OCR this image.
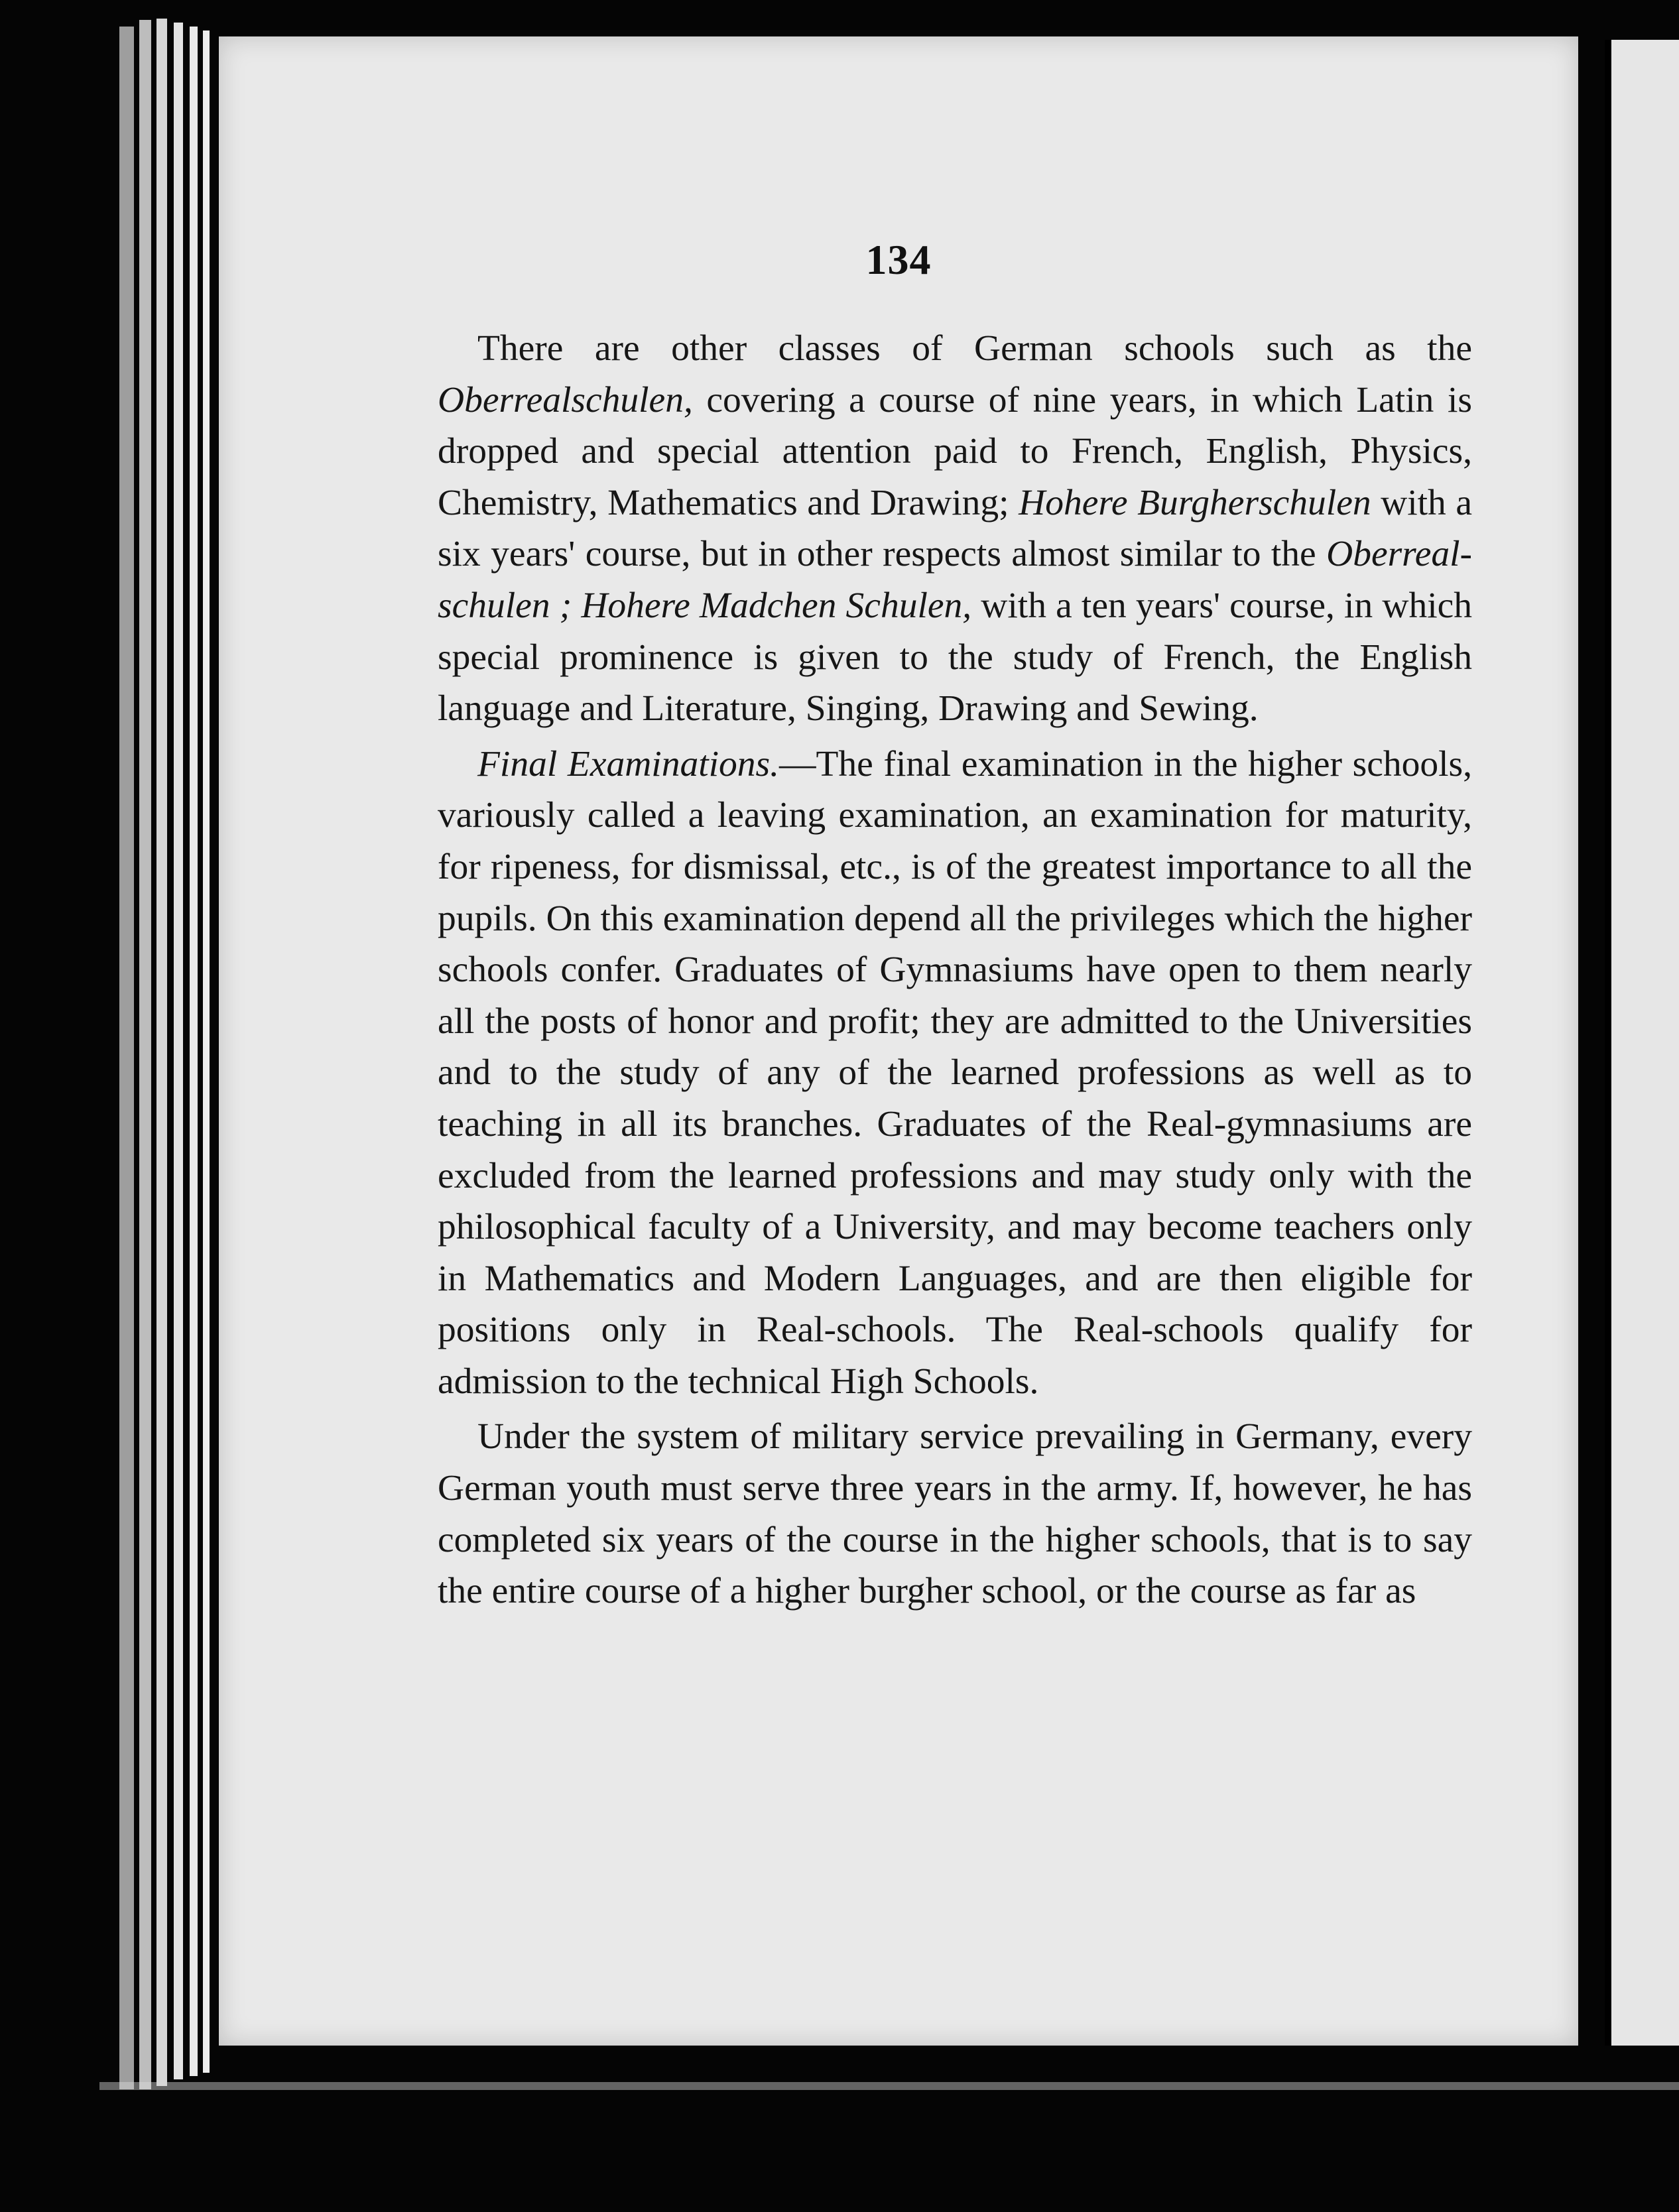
134

There are other classes of German schools such as the Oberrealschulen, covering a course of nine years, in which Latin is dropped and special attention paid to French, English, Physics, Chemistry, Mathematics and Drawing; Hohere Burgherschulen with a six years' course, but in other respects almost similar to the Oberreal-schulen ; Hohere Madchen Schulen, with a ten years' course, in which special prominence is given to the study of French, the English language and Literature, Singing, Drawing and Sewing.

Final Examinations.—The final examination in the higher schools, variously called a leaving examination, an examination for maturity, for ripeness, for dismissal, etc., is of the greatest importance to all the pupils. On this examination depend all the privileges which the higher schools confer. Graduates of Gymnasiums have open to them nearly all the posts of honor and profit; they are admitted to the Universities and to the study of any of the learned professions as well as to teaching in all its branches. Graduates of the Real-gymnasiums are excluded from the learned professions and may study only with the philosophical faculty of a University, and may become teachers only in Mathematics and Modern Languages, and are then eligible for positions only in Real-schools. The Real-schools qualify for admission to the technical High Schools.

Under the system of military service prevailing in Germany, every German youth must serve three years in the army. If, however, he has completed six years of the course in the higher schools, that is to say the entire course of a higher burgher school, or the course as far as
